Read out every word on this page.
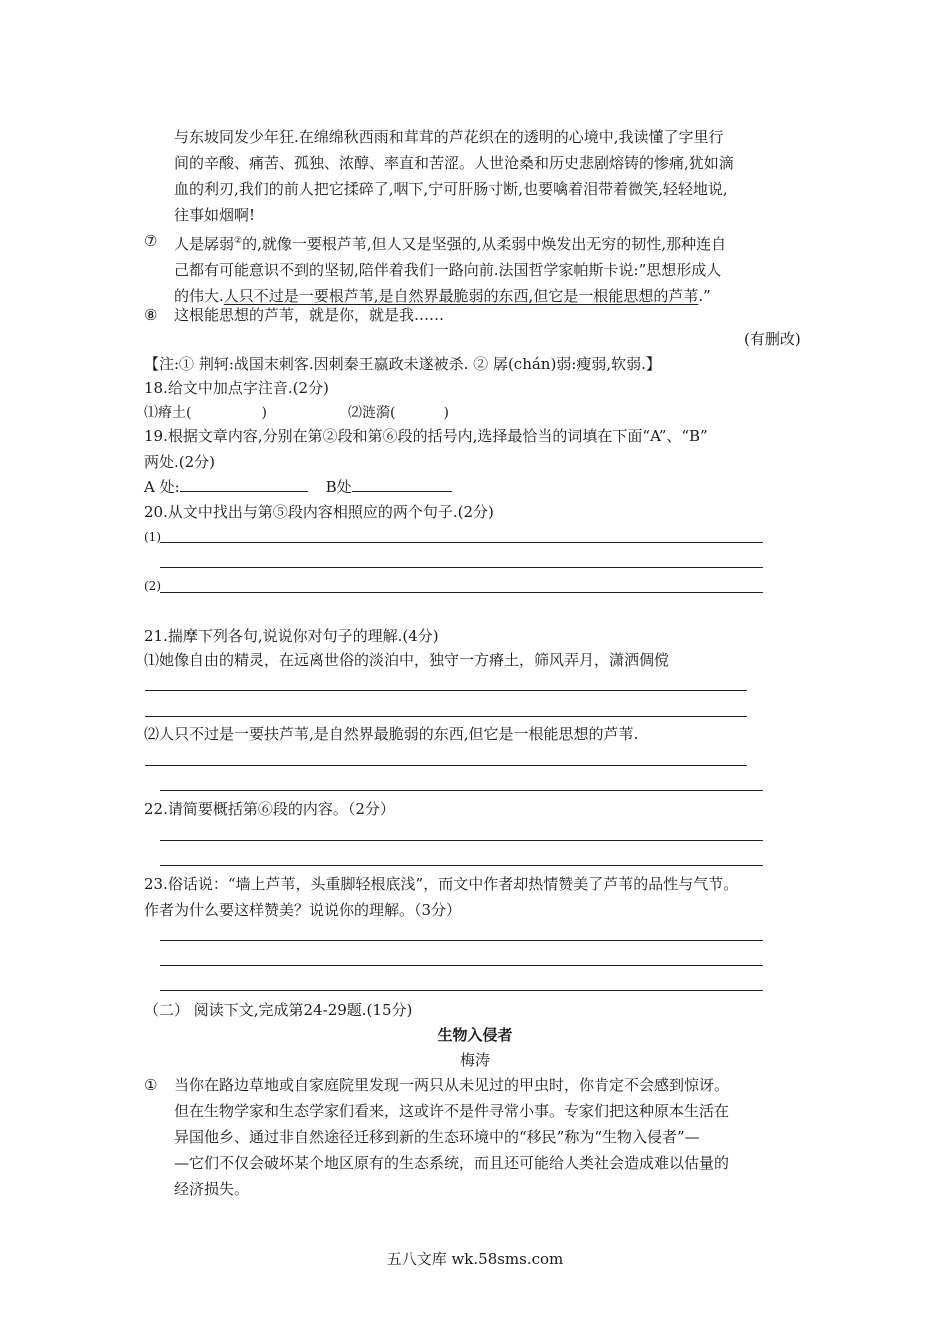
与东坡同发少年狂.在绵绵秋西雨和茸茸的芦花织在的透明的心境中,我读懂了字里行
间的辛酸、痛苦、孤独、浓醇、率直和苦涩。人世沧桑和历史悲剧熔铸的惨痛,犹如滴
血的利刃,我们的前人把它揉碎了,咽下,宁可肝肠寸断,也要噙着泪带着微笑,轻轻地说,
往事如烟啊!
⑦ 人是孱弱②的,就像一要根芦苇,但人又是坚强的,从柔弱中焕发出无穷的韧性,那种连自
己都有可能意识不到的坚韧,陪伴着我们一路向前.法国哲学家帕斯卡说:”思想形成人
的伟大.人只不过是一要根芦苇,是自然界最脆弱的东西,但它是一根能思想的芦苇.”
⑧ 这根能思想的芦苇，就是你，就是我……
(有删改)
【注:① 荆轲:战国末刺客.因刺秦王嬴政未遂被杀. ② 孱(chán)弱:瘦弱,软弱.】
18.给文中加点字注音.(2分)
⑴瘠土(	)	⑵涟漪(	)
19.根据文章内容,分别在第②段和第⑥段的括号内,选择最恰当的词填在下面“A”、“B”
两处.(2分)
A 处:	B处
20.从文中找出与第⑤段内容相照应的两个句子.(2分)
(1)
(2)
21.揣摩下列各句,说说你对句子的理解.(4分)
⑴她像自由的精灵，在远离世俗的淡泊中，独守一方瘠土，筛风弄月，潇洒倜傥
⑵人只不过是一要扶芦苇,是自然界最脆弱的东西,但它是一根能思想的芦苇.
22.请简要概括第⑥段的内容。（2分）
23.俗话说：“墙上芦苇，头重脚轻根底浅”，而文中作者却热情赞美了芦苇的品性与气节。
作者为什么要这样赞美？说说你的理解。（3分）
（二） 阅读下文,完成第24-29题.(15分)
生物入侵者
梅涛
① 当你在路边草地或自家庭院里发现一两只从未见过的甲虫时，你肯定不会感到惊讶。
但在生物学家和生态学家们看来，这或许不是件寻常小事。专家们把这种原本生活在
异国他乡、通过非自然途径迁移到新的生态环境中的“移民”称为“生物入侵者”—
—它们不仅会破坏某个地区原有的生态系统，而且还可能给人类社会造成难以估量的
经济损失。
五八文库 wk.58sms.com
